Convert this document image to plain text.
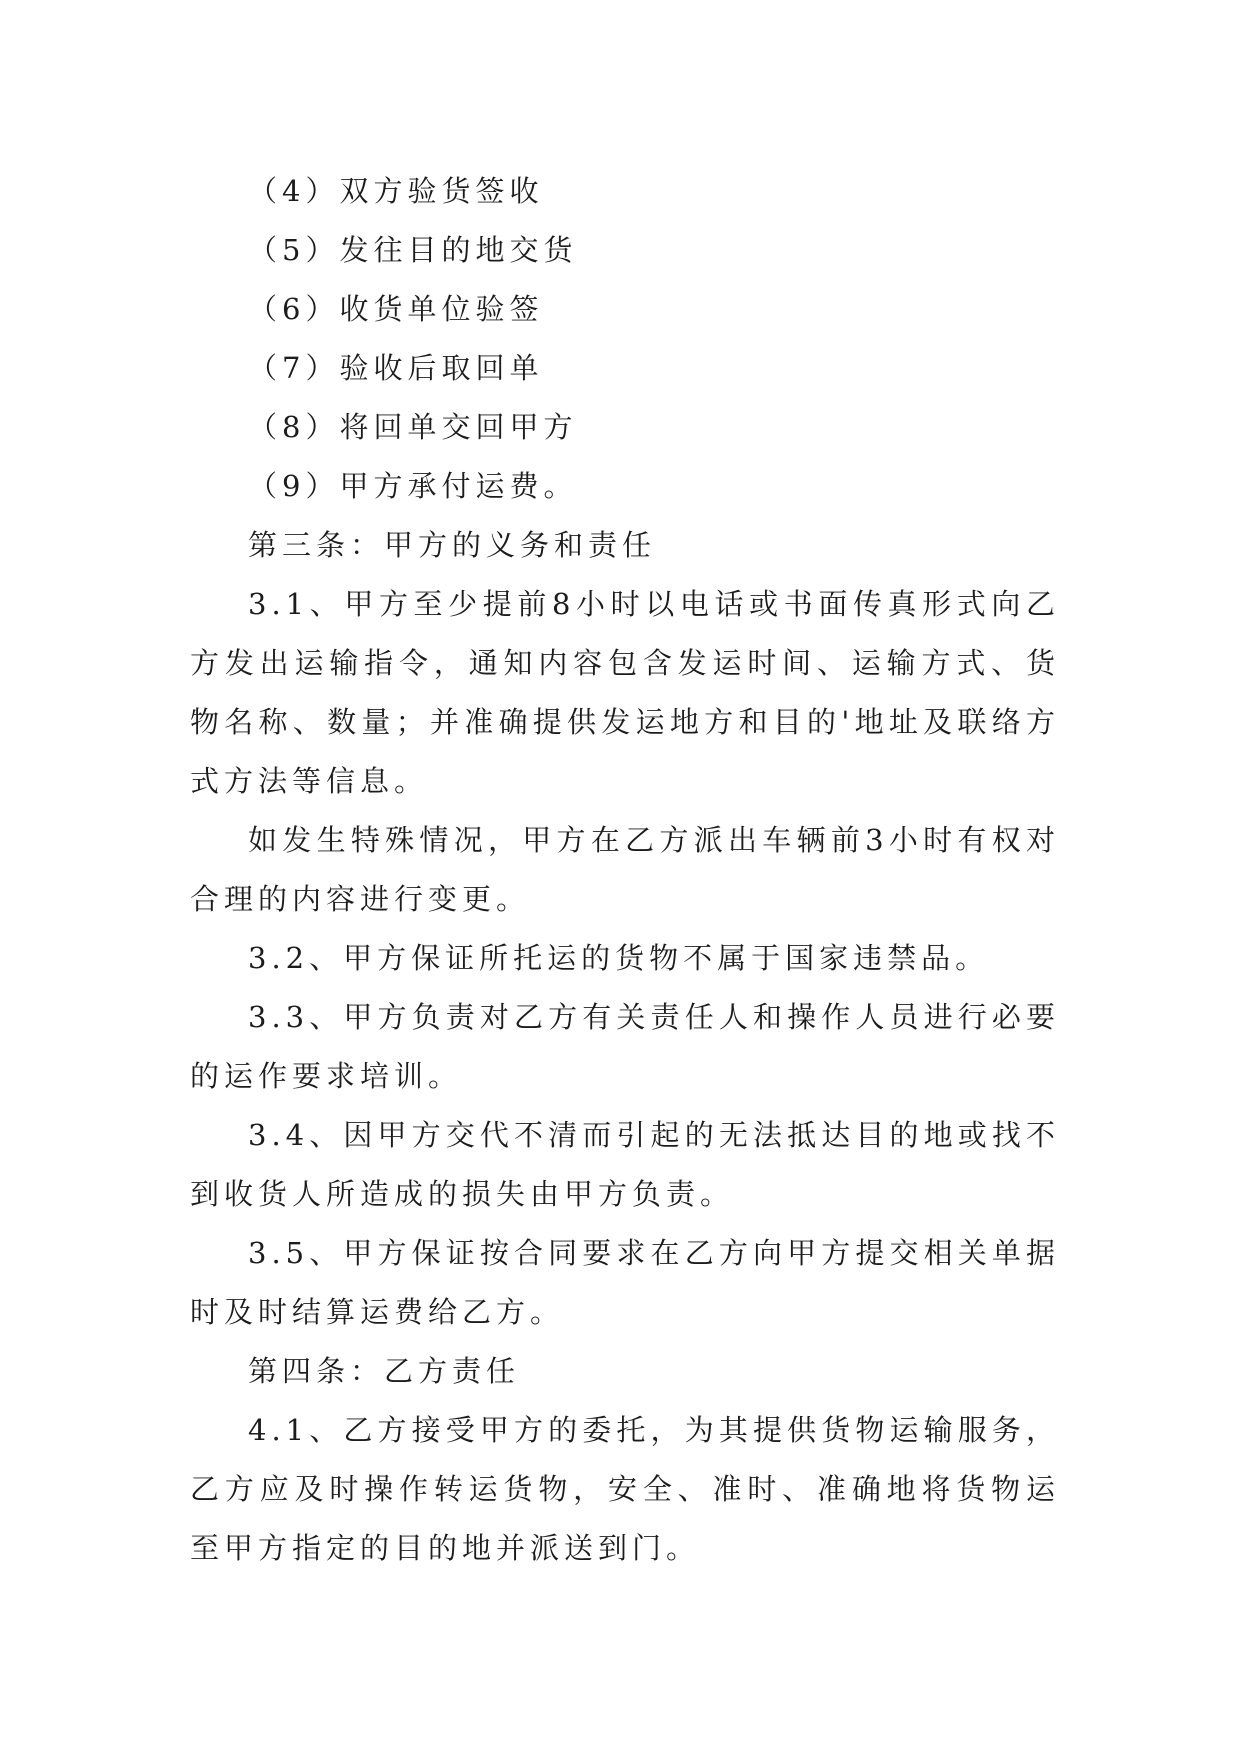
（4）双方验货签收

（5）发往目的地交货

（6）收货单位验签

（7）验收后取回单

（8）将回单交回甲方

（9）甲方承付运费。

第三条：甲方的义务和责任

3.1、甲方至少提前8小时以电话或书面传真形式向乙方发出运输指令，通知内容包含发运时间、运输方式、货物名称、数量；并准确提供发运地方和目的'地址及联络方式方法等信息。

如发生特殊情况，甲方在乙方派出车辆前3小时有权对合理的内容进行变更。

3.2、甲方保证所托运的货物不属于国家违禁品。

3.3、甲方负责对乙方有关责任人和操作人员进行必要的运作要求培训。

3.4、因甲方交代不清而引起的无法抵达目的地或找不到收货人所造成的损失由甲方负责。

3.5、甲方保证按合同要求在乙方向甲方提交相关单据时及时结算运费给乙方。

第四条：乙方责任

4.1、乙方接受甲方的委托，为其提供货物运输服务，乙方应及时操作转运货物，安全、准时、准确地将货物运至甲方指定的目的地并派送到门。
